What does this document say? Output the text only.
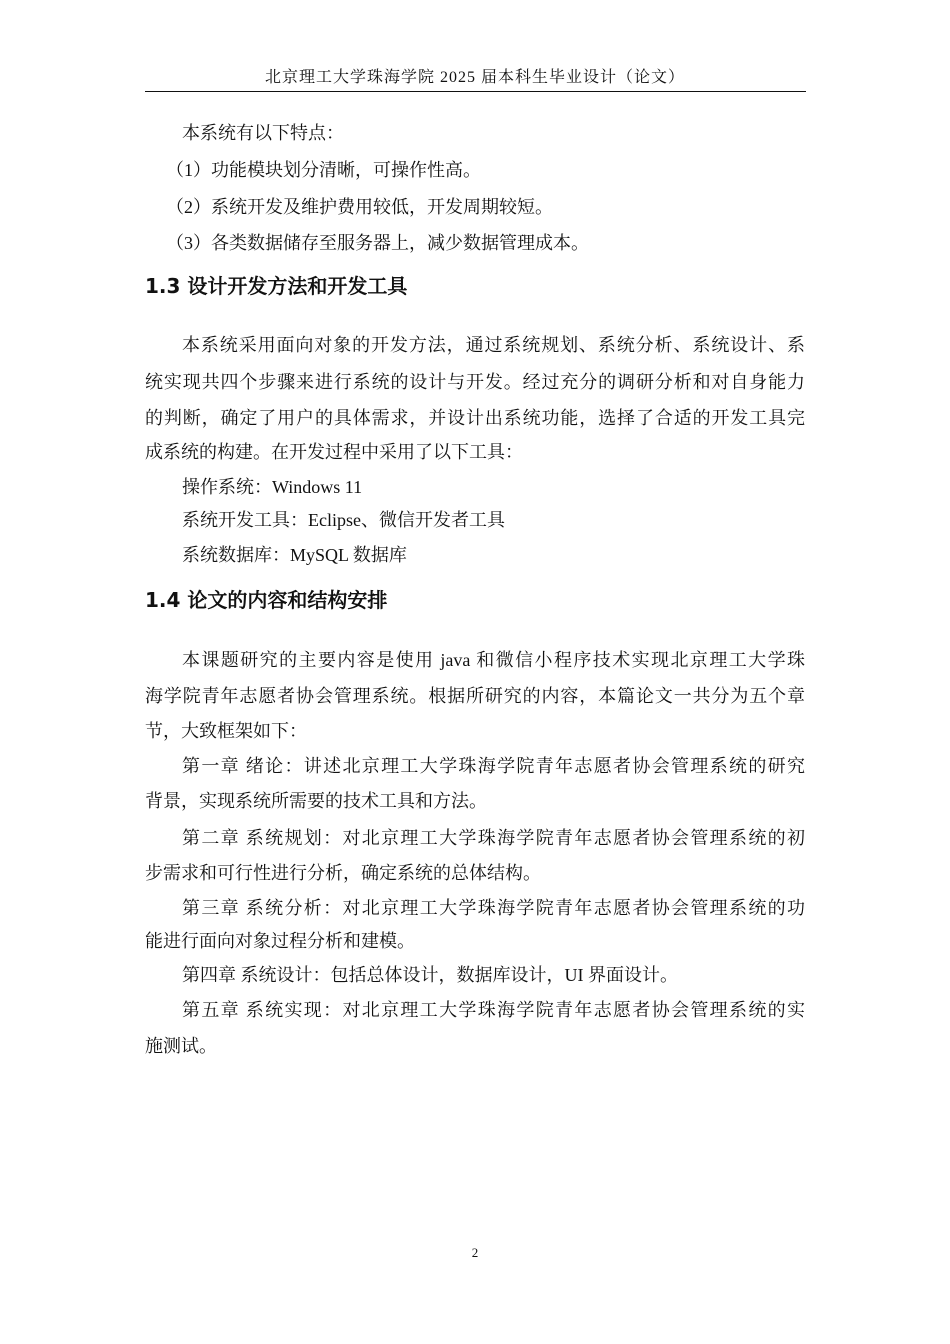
北京理工大学珠海学院 2025 届本科生毕业设计（论文）
本系统有以下特点：
（1）功能模块划分清晰，可操作性高。
（2）系统开发及维护费用较低，开发周期较短。
（3）各类数据储存至服务器上，减少数据管理成本。
1.3 设计开发方法和开发工具
本系统采用面向对象的开发方法，通过系统规划、系统分析、系统设计、系
统实现共四个步骤来进行系统的设计与开发。经过充分的调研分析和对自身能力
的判断，确定了用户的具体需求，并设计出系统功能，选择了合适的开发工具完
成系统的构建。在开发过程中采用了以下工具：
操作系统：Windows 11
系统开发工具：Eclipse、微信开发者工具
系统数据库：MySQL 数据库
1.4 论文的内容和结构安排
本课题研究的主要内容是使用 java 和微信小程序技术实现北京理工大学珠
海学院青年志愿者协会管理系统。根据所研究的内容，本篇论文一共分为五个章
节，大致框架如下：
第一章 绪论：讲述北京理工大学珠海学院青年志愿者协会管理系统的研究
背景，实现系统所需要的技术工具和方法。
第二章 系统规划：对北京理工大学珠海学院青年志愿者协会管理系统的初
步需求和可行性进行分析，确定系统的总体结构。
第三章 系统分析：对北京理工大学珠海学院青年志愿者协会管理系统的功
能进行面向对象过程分析和建模。
第四章 系统设计：包括总体设计，数据库设计，UI 界面设计。
第五章 系统实现：对北京理工大学珠海学院青年志愿者协会管理系统的实
施测试。
2
